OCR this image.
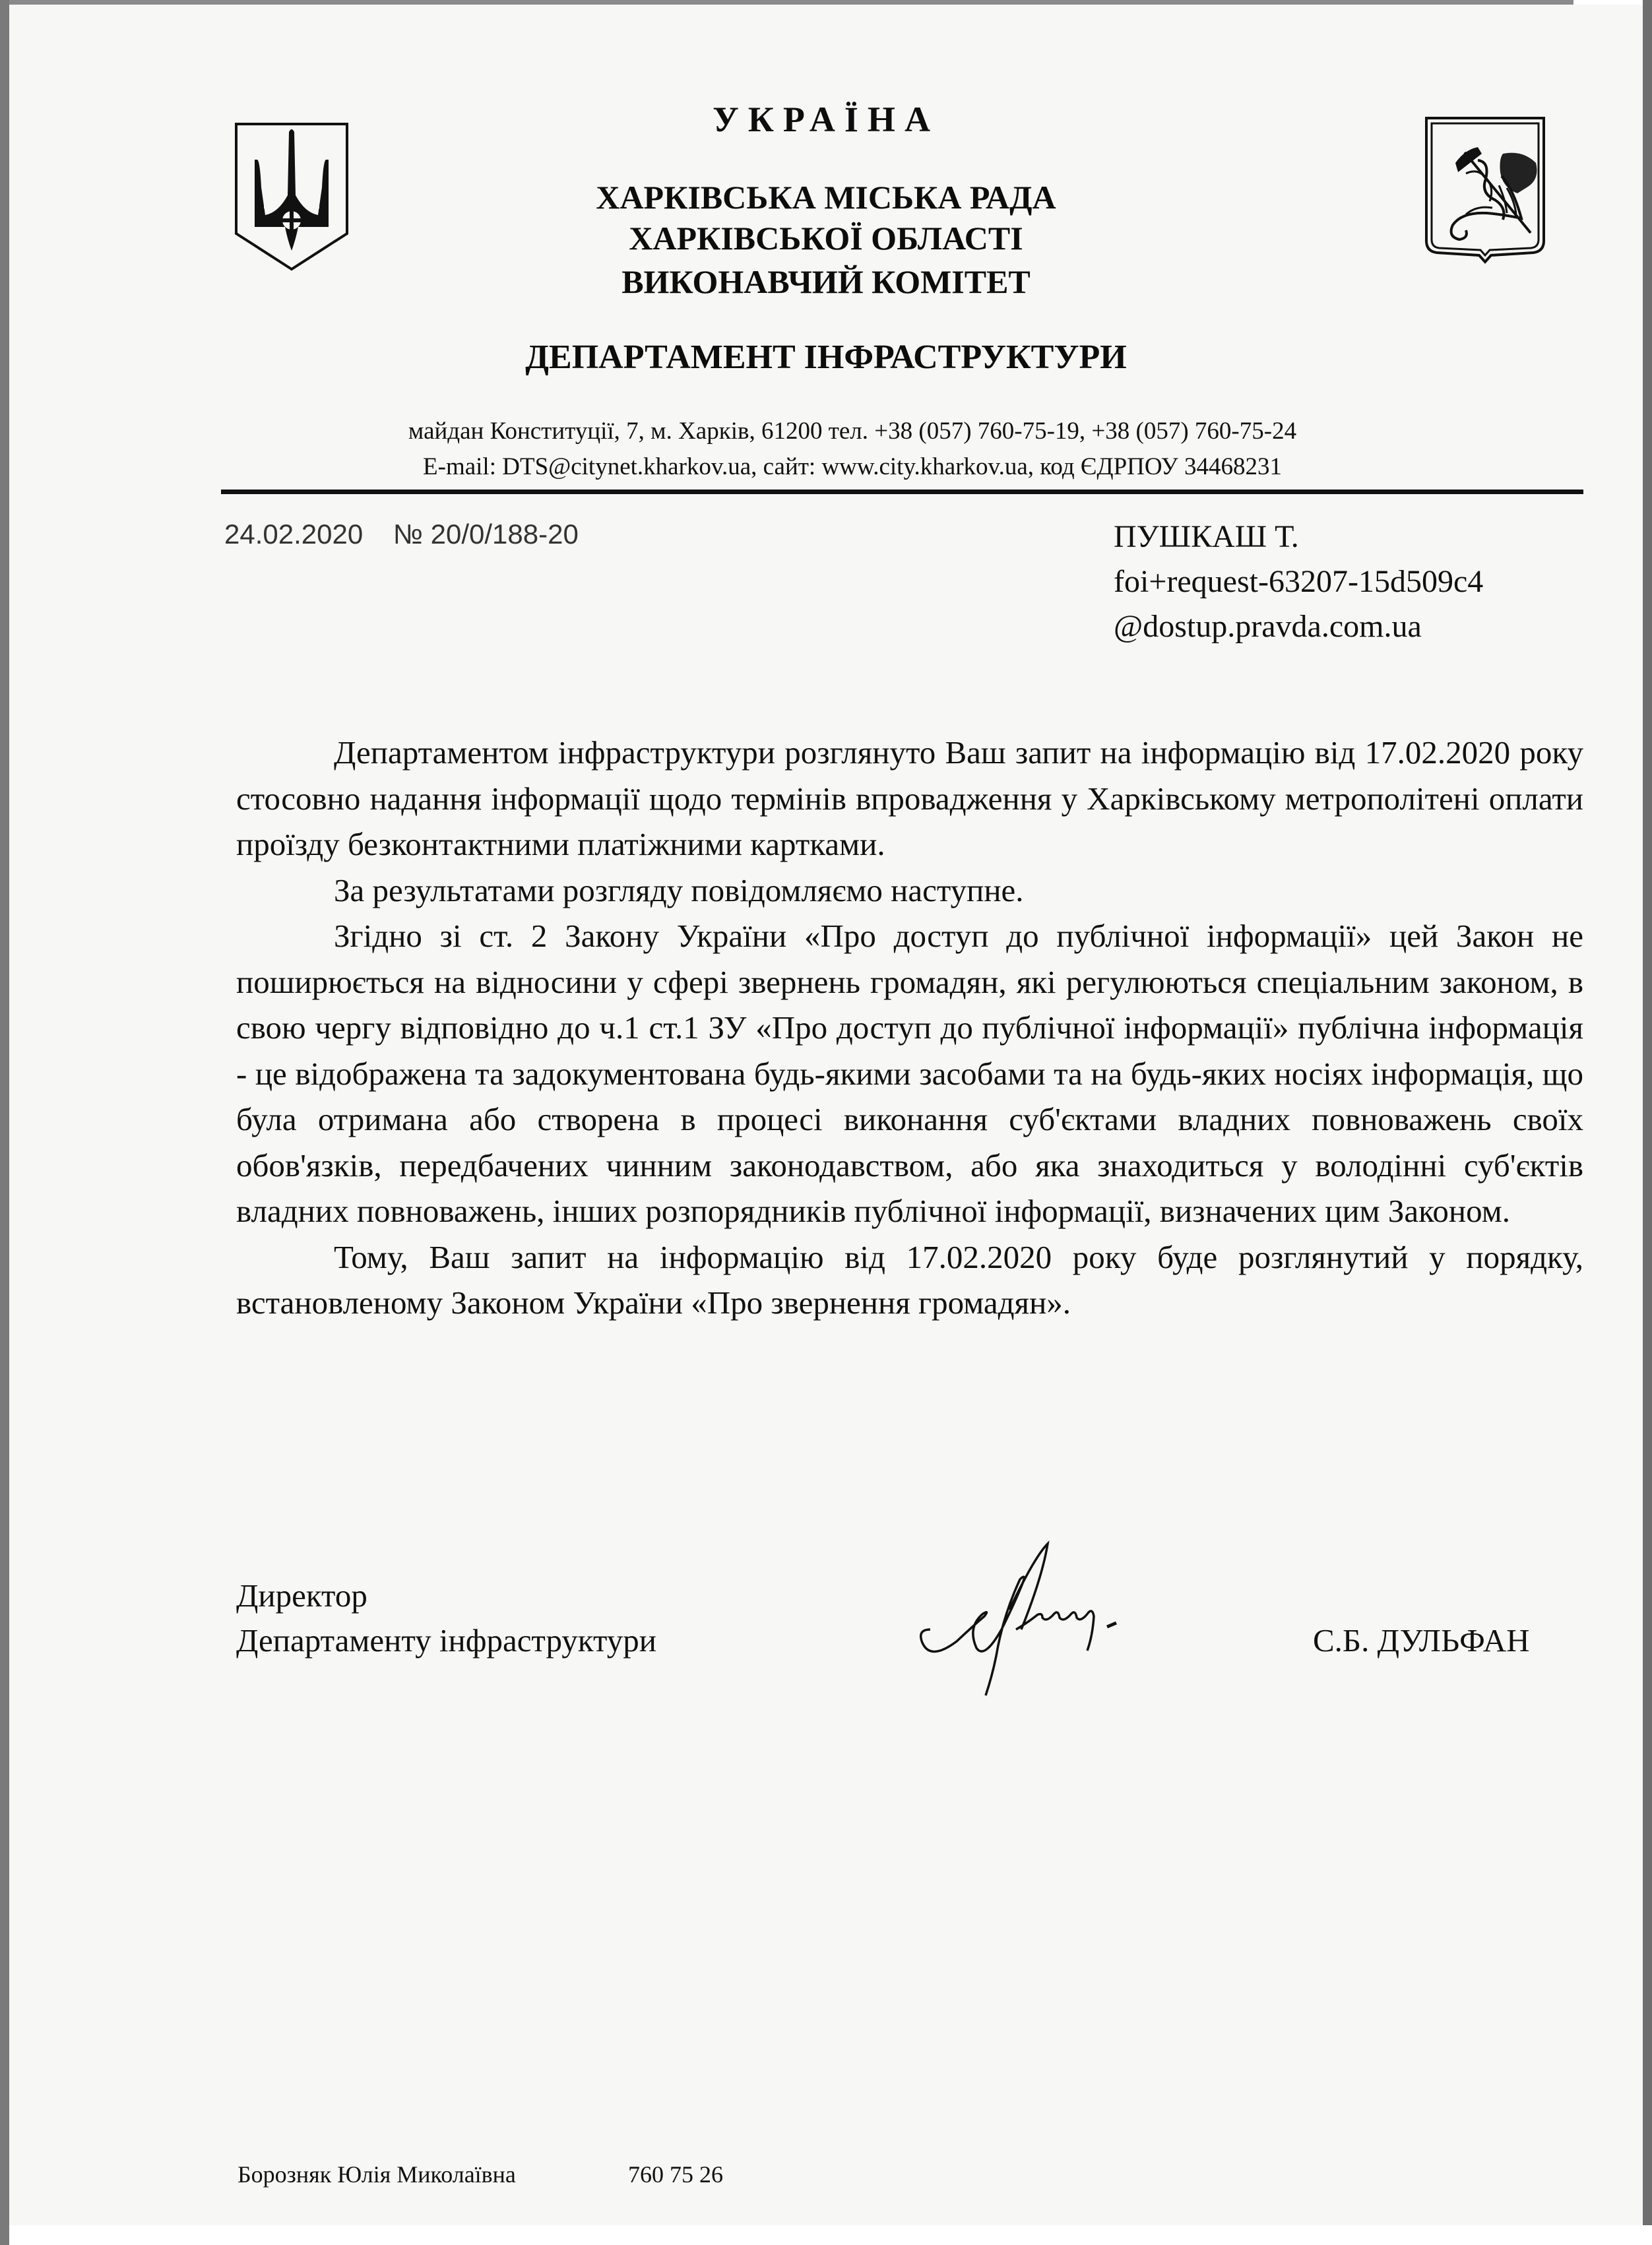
УКРАЇНА
ХАРКІВСЬКА МІСЬКА РАДА
ХАРКІВСЬКОЇ ОБЛАСТІ
ВИКОНАВЧИЙ КОМІТЕТ
ДЕПАРТАМЕНТ ІНФРАСТРУКТУРИ
майдан Конституції, 7, м. Харків, 61200 тел. +38 (057) 760-75-19, +38 (057) 760-75-24
E-mail: DTS@citynet.kharkov.ua, сайт: www.city.kharkov.ua, код ЄДРПОУ 34468231
24.02.2020 № 20/0/188-20	ПУШКАШ Т.
foi+request-63207-15d509c4
@dostup.pravda.com.ua

Департаментом інфраструктури розглянуто Ваш запит на інформацію від 17.02.2020 року стосовно надання інформації щодо термінів впровадження у Харківському метрополітені оплати проїзду безконтактними платіжними картками.

За результатами розгляду повідомляємо наступне.

Згідно зі ст. 2 Закону України «Про доступ до публічної інформації» цей Закон не поширюється на відносини у сфері звернень громадян, які регулюються спеціальним законом, в свою чергу відповідно до ч.1 ст.1 ЗУ «Про доступ до публічної інформації» публічна інформація - це відображена та задокументована будь-якими засобами та на будь-яких носіях інформація, що була отримана або створена в процесі виконання суб'єктами владних повноважень своїх обов'язків, передбачених чинним законодавством, або яка знаходиться у володінні суб'єктів владних повноважень, інших розпорядників публічної інформації, визначених цим Законом.

Тому, Ваш запит на інформацію від 17.02.2020 року буде розглянутий у порядку, встановленому Законом України «Про звернення громадян».

Директор
Департаменту інфраструктури	С.Б. ДУЛЬФАН
Борозняк Юлія Миколаївна	760 75 26
